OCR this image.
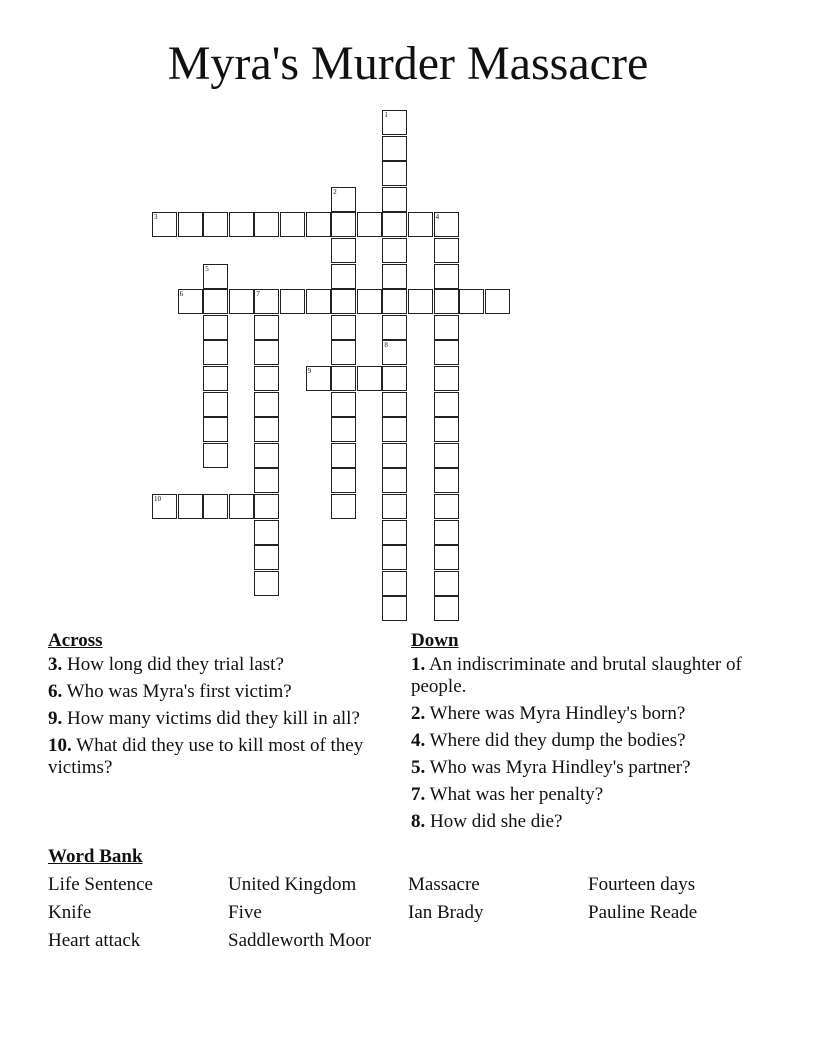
Myra's Murder Massacre
1
8
2
3	4
5
6	7
9
10
Across
3. How long did they trial last?
6. Who was Myra's first victim?
9. How many victims did they kill in all?
10. What did they use to kill most of they victims?
Down
1. An indiscriminate and brutal slaughter of people.
2. Where was Myra Hindley's born?
4. Where did they dump the bodies?
5. Who was Myra Hindley's partner?
7. What was her penalty?
8. How did she die?
Word Bank
Life Sentence	United Kingdom	Massacre	Fourteen days
Knife	Five	Ian Brady	Pauline Reade
Heart attack	Saddleworth Moor
